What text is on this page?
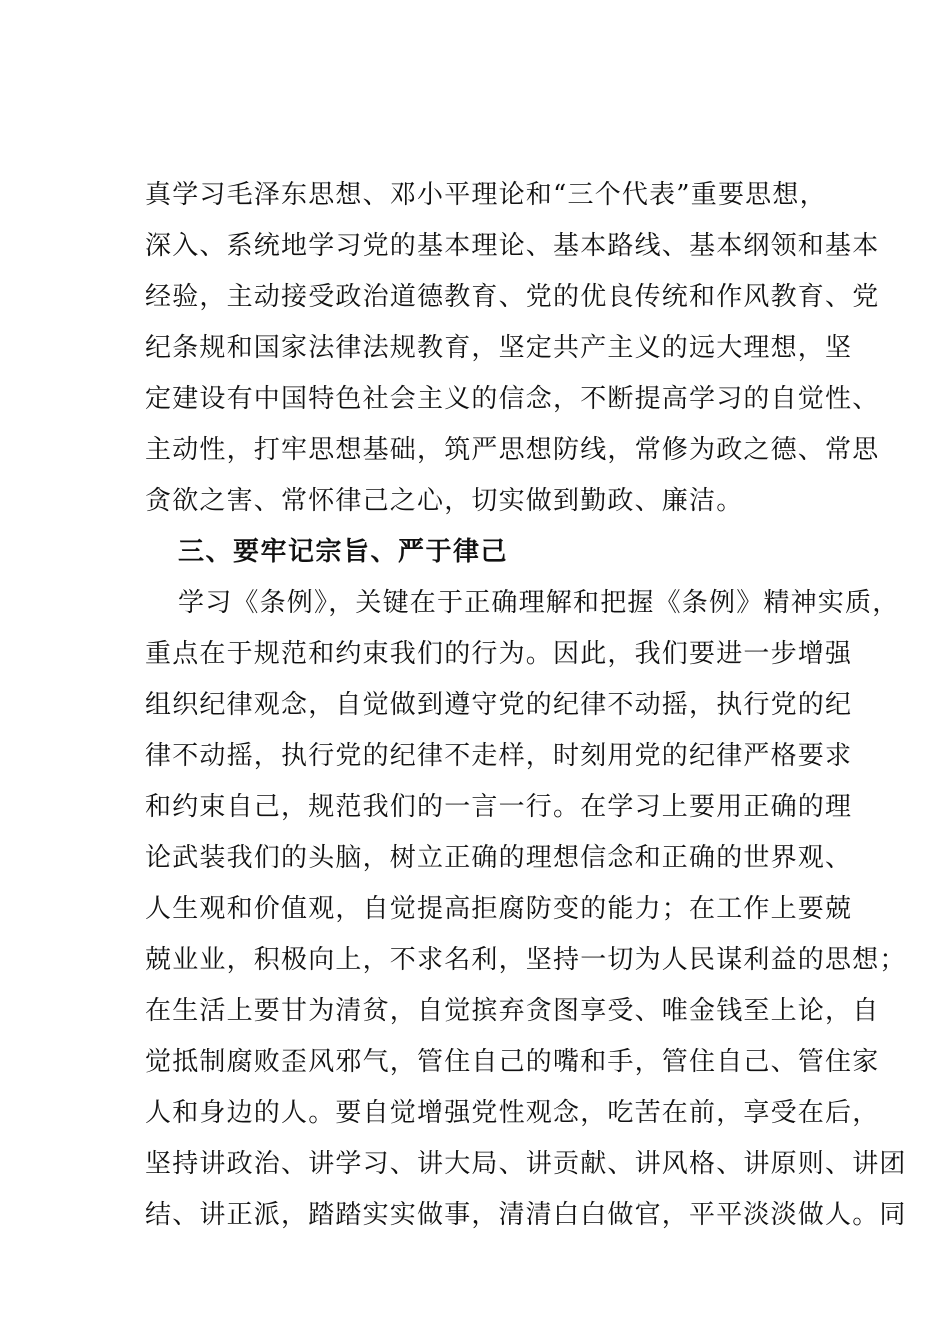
真学习毛泽东思想、邓小平理论和“三个代表”重要思想，
深入、系统地学习党的基本理论、基本路线、基本纲领和基本
经验，主动接受政治道德教育、党的优良传统和作风教育、党
纪条规和国家法律法规教育，坚定共产主义的远大理想，坚
定建设有中国特色社会主义的信念，不断提高学习的自觉性、
主动性，打牢思想基础，筑严思想防线，常修为政之德、常思
贪欲之害、常怀律己之心，切实做到勤政、廉洁。
三、要牢记宗旨、严于律己
学习《条例》，关键在于正确理解和把握《条例》精神实质，
重点在于规范和约束我们的行为。因此，我们要进一步增强
组织纪律观念，自觉做到遵守党的纪律不动摇，执行党的纪
律不动摇，执行党的纪律不走样，时刻用党的纪律严格要求
和约束自己，规范我们的一言一行。在学习上要用正确的理
论武装我们的头脑，树立正确的理想信念和正确的世界观、
人生观和价值观，自觉提高拒腐防变的能力；在工作上要兢
兢业业，积极向上，不求名利，坚持一切为人民谋利益的思想；
在生活上要甘为清贫，自觉摈弃贪图享受、唯金钱至上论，自
觉抵制腐败歪风邪气，管住自己的嘴和手，管住自己、管住家
人和身边的人。要自觉增强党性观念，吃苦在前，享受在后，
坚持讲政治、讲学习、讲大局、讲贡献、讲风格、讲原则、讲团
结、讲正派，踏踏实实做事，清清白白做官，平平淡淡做人。同
